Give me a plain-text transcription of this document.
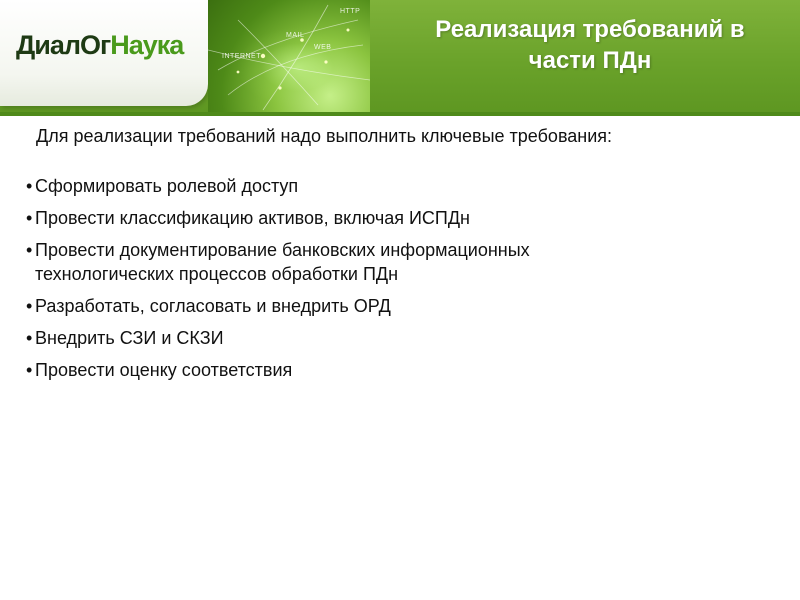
ДиалОгНаука
HTTP
MAIL
WEB
INTERNET
Реализация требований в
части ПДн

Для реализации требований надо выполнить ключевые требования:

• Сформировать ролевой доступ
• Провести классификацию активов, включая ИСПДн
• Провести документирование банковских информационных
технологических процессов обработки ПДн
• Разработать, согласовать и внедрить ОРД
• Внедрить СЗИ и СКЗИ
• Провести оценку соответствия
